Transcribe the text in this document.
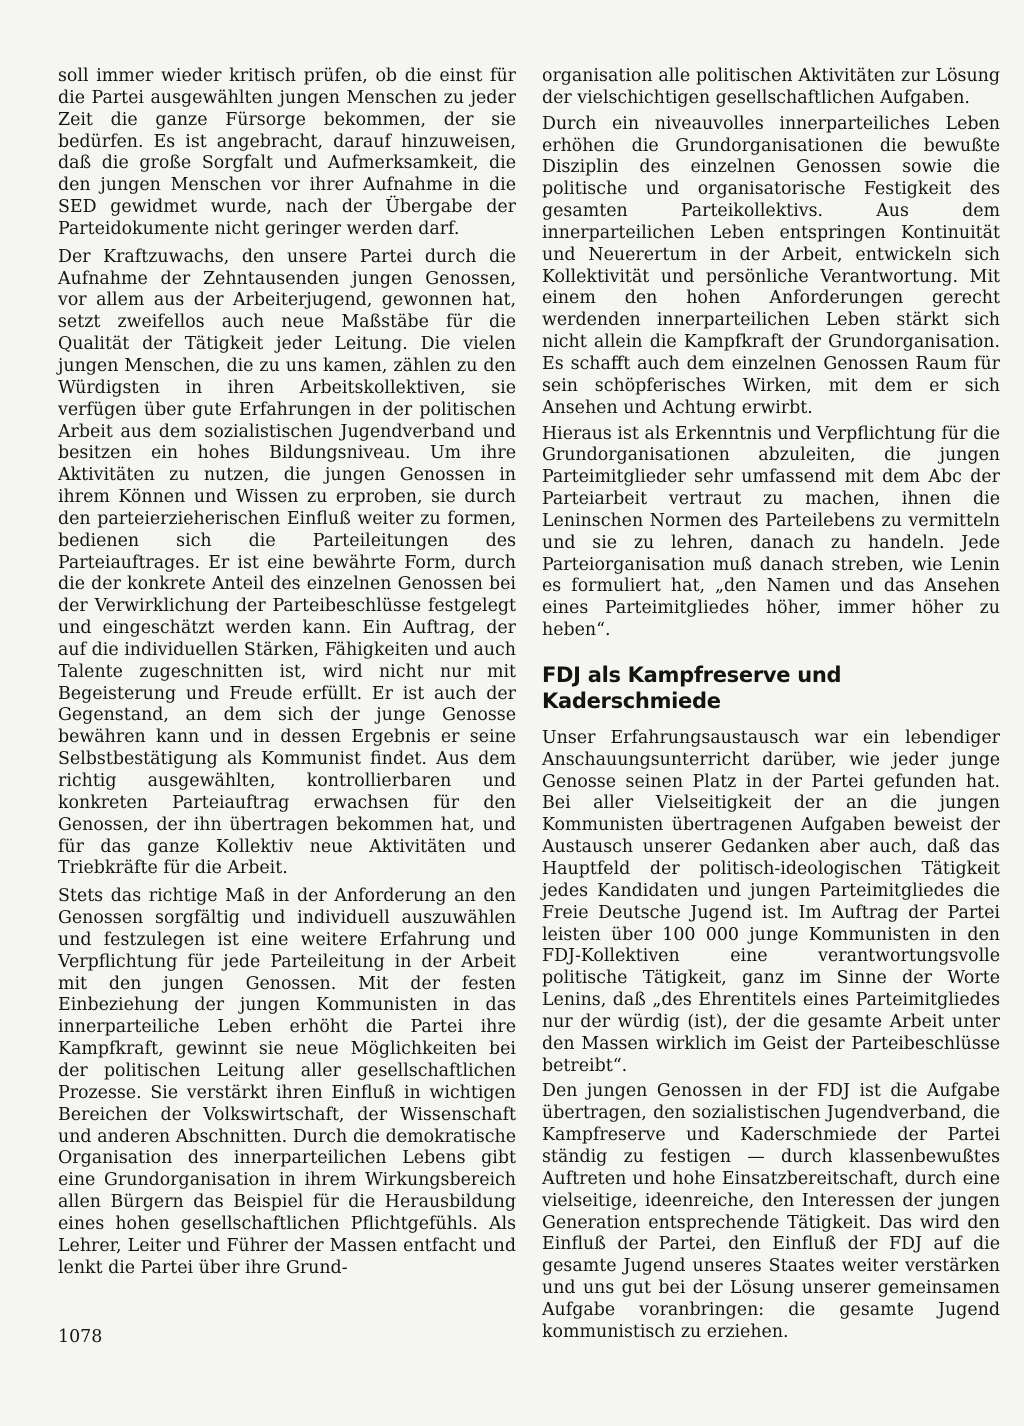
soll immer wieder kritisch prüfen, ob die einst für die Partei ausgewählten jungen Menschen zu jeder Zeit die ganze Fürsorge bekommen, der sie bedürfen. Es ist angebracht, darauf hinzuweisen, daß die große Sorgfalt und Aufmerksamkeit, die den jungen Menschen vor ihrer Aufnahme in die SED gewidmet wurde, nach der Übergabe der Parteidokumente nicht geringer werden darf.

Der Kraftzuwachs, den unsere Partei durch die Aufnahme der Zehntausenden jungen Genossen, vor allem aus der Arbeiterjugend, gewonnen hat, setzt zweifellos auch neue Maßstäbe für die Qualität der Tätigkeit jeder Leitung. Die vielen jungen Menschen, die zu uns kamen, zählen zu den Würdigsten in ihren Arbeitskollektiven, sie verfügen über gute Erfahrungen in der politischen Arbeit aus dem sozialistischen Jugendverband und besitzen ein hohes Bildungsniveau. Um ihre Aktivitäten zu nutzen, die jungen Genossen in ihrem Können und Wissen zu erproben, sie durch den parteierzieherischen Einfluß weiter zu formen, bedienen sich die Parteileitungen des Parteiauftrages. Er ist eine bewährte Form, durch die der konkrete Anteil des einzelnen Genossen bei der Verwirklichung der Parteibeschlüsse festgelegt und eingeschätzt werden kann. Ein Auftrag, der auf die individuellen Stärken, Fähigkeiten und auch Talente zugeschnitten ist, wird nicht nur mit Begeisterung und Freude erfüllt. Er ist auch der Gegenstand, an dem sich der junge Genosse bewähren kann und in dessen Ergebnis er seine Selbstbestätigung als Kommunist findet. Aus dem richtig ausgewählten, kontrollierbaren und konkreten Parteiauftrag erwachsen für den Genossen, der ihn übertragen bekommen hat, und für das ganze Kollektiv neue Aktivitäten und Triebkräfte für die Arbeit.

Stets das richtige Maß in der Anforderung an den Genossen sorgfältig und individuell auszuwählen und festzulegen ist eine weitere Erfahrung und Verpflichtung für jede Parteileitung in der Arbeit mit den jungen Genossen. Mit der festen Einbeziehung der jungen Kommunisten in das innerparteiliche Leben erhöht die Partei ihre Kampfkraft, gewinnt sie neue Möglichkeiten bei der politischen Leitung aller gesellschaftlichen Prozesse. Sie verstärkt ihren Einfluß in wichtigen Bereichen der Volkswirtschaft, der Wissenschaft und anderen Abschnitten. Durch die demokratische Organisation des innerparteilichen Lebens gibt eine Grundorganisation in ihrem Wirkungsbereich allen Bürgern das Beispiel für die Herausbildung eines hohen gesellschaftlichen Pflichtgefühls. Als Lehrer, Leiter und Führer der Massen entfacht und lenkt die Partei über ihre Grund-

organisation alle politischen Aktivitäten zur Lösung der vielschichtigen gesellschaftlichen Aufgaben.

Durch ein niveauvolles innerparteiliches Leben erhöhen die Grundorganisationen die bewußte Disziplin des einzelnen Genossen sowie die politische und organisatorische Festigkeit des gesamten Parteikollektivs. Aus dem innerparteilichen Leben entspringen Kontinuität und Neuerertum in der Arbeit, entwickeln sich Kollektivität und persönliche Verantwortung. Mit einem den hohen Anforderungen gerecht werdenden innerparteilichen Leben stärkt sich nicht allein die Kampfkraft der Grundorganisation. Es schafft auch dem einzelnen Genossen Raum für sein schöpferisches Wirken, mit dem er sich Ansehen und Achtung erwirbt.

Hieraus ist als Erkenntnis und Verpflichtung für die Grundorganisationen abzuleiten, die jungen Parteimitglieder sehr umfassend mit dem Abc der Parteiarbeit vertraut zu machen, ihnen die Leninschen Normen des Parteilebens zu vermitteln und sie zu lehren, danach zu handeln. Jede Parteiorganisation muß danach streben, wie Lenin es formuliert hat, „den Namen und das Ansehen eines Parteimitgliedes höher, immer höher zu heben“.

FDJ als Kampfreserve und Kaderschmiede

Unser Erfahrungsaustausch war ein lebendiger Anschauungsunterricht darüber, wie jeder junge Genosse seinen Platz in der Partei gefunden hat. Bei aller Vielseitigkeit der an die jungen Kommunisten übertragenen Aufgaben beweist der Austausch unserer Gedanken aber auch, daß das Hauptfeld der politisch-ideologischen Tätigkeit jedes Kandidaten und jungen Parteimitgliedes die Freie Deutsche Jugend ist. Im Auftrag der Partei leisten über 100 000 junge Kommunisten in den FDJ-Kollektiven eine verantwortungsvolle politische Tätigkeit, ganz im Sinne der Worte Lenins, daß „des Ehrentitels eines Parteimitgliedes nur der würdig (ist), der die gesamte Arbeit unter den Massen wirklich im Geist der Parteibeschlüsse betreibt“.

Den jungen Genossen in der FDJ ist die Aufgabe übertragen, den sozialistischen Jugendverband, die Kampfreserve und Kaderschmiede der Partei ständig zu festigen — durch klassenbewußtes Auftreten und hohe Einsatzbereitschaft, durch eine vielseitige, ideenreiche, den Interessen der jungen Generation entsprechende Tätigkeit. Das wird den Einfluß der Partei, den Einfluß der FDJ auf die gesamte Jugend unseres Staates weiter verstärken und uns gut bei der Lösung unserer gemeinsamen Aufgabe voranbringen: die gesamte Jugend kommunistisch zu erziehen.

1078
